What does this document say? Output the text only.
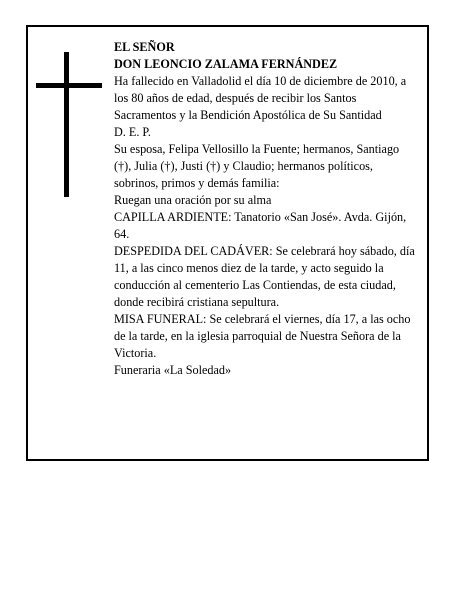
EL SEÑOR

DON LEONCIO ZALAMA FERNÁNDEZ

Ha fallecido en Valladolid el día 10 de diciembre de 2010, a los 80 años de edad, después de recibir los Santos Sacramentos y la Bendición Apostólica de Su Santidad

D. E. P.

Su esposa, Felipa Vellosillo la Fuente; hermanos, Santiago (†), Julia (†), Justi (†) y Claudio; hermanos políticos, sobrinos, primos y demás familia:

Ruegan una oración por su alma

CAPILLA ARDIENTE: Tanatorio «San José». Avda. Gijón, 64.

DESPEDIDA DEL CADÁVER: Se celebrará hoy sábado, día 11, a las cinco menos diez de la tarde, y acto seguido la conducción al cementerio Las Contiendas, de esta ciudad, donde recibirá cristiana sepultura.

MISA FUNERAL: Se celebrará el viernes, día 17, a las ocho de la tarde, en la iglesia parroquial de Nuestra Señora de la Victoria.

Funeraria «La Soledad»
